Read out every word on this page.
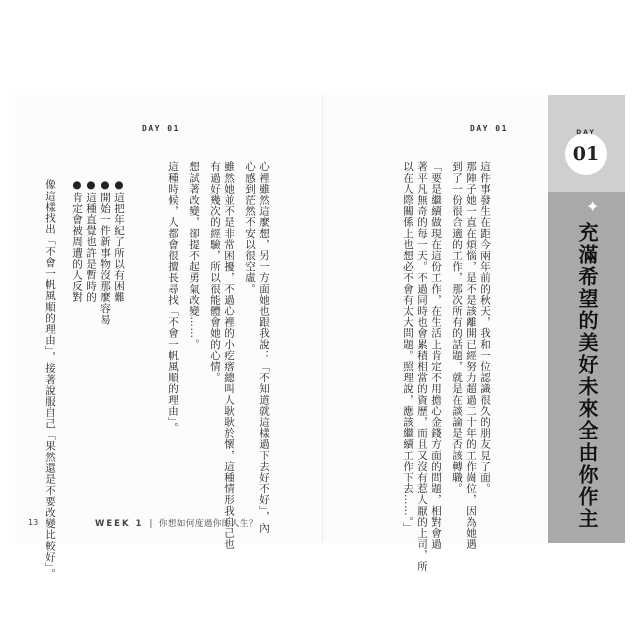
DAY 01
心裡雖然這麼想，另一方面她也跟我說：「不知道就這樣過下去好不好」，內
心感到茫然不安以很空虛。
雖然她並不是非常困擾，不過心裡的小疙瘩總叫人耿耿於懷，這種情形我自己也
有過好幾次的經驗，所以很能體會她的心情。
想試著改變，卻提不起勇氣改變……。
這種時候，人都會很擅長尋找「不會一帆風順的理由」。
●這把年紀了所以有困難
●開始一件新事物沒那麼容易
●這種直覺也許是暫時的
●肯定會被周遭的人反對
像這樣找出「不會一帆風順的理由」，接著說服自己「果然還是不要改變比較好」。
13	WEEK 1 | 你想如何度過你的人生？
DAY 01
這件事發生在距今兩年前的秋天，我和一位認識很久的朋友見了面。
那陣子她一直在煩惱，是不是該離開已經努力超過二十年的工作崗位，因為她遇
到了一份很合適的工作，那次所有的話題，就是在談論是否該轉職。
「要是繼續做現在這份工作，在生活上肯定不用擔心金錢方面的問題，相對會過
著平凡無奇的每一天。不過同時也會累積相當的資歷，而且又沒有惹人厭的上司，所
以在人際關係上也想必不會有太大問題。照理說，應該繼續工作下去……。」
DAY
01
✦
充滿希望的美好未來全由你作主
